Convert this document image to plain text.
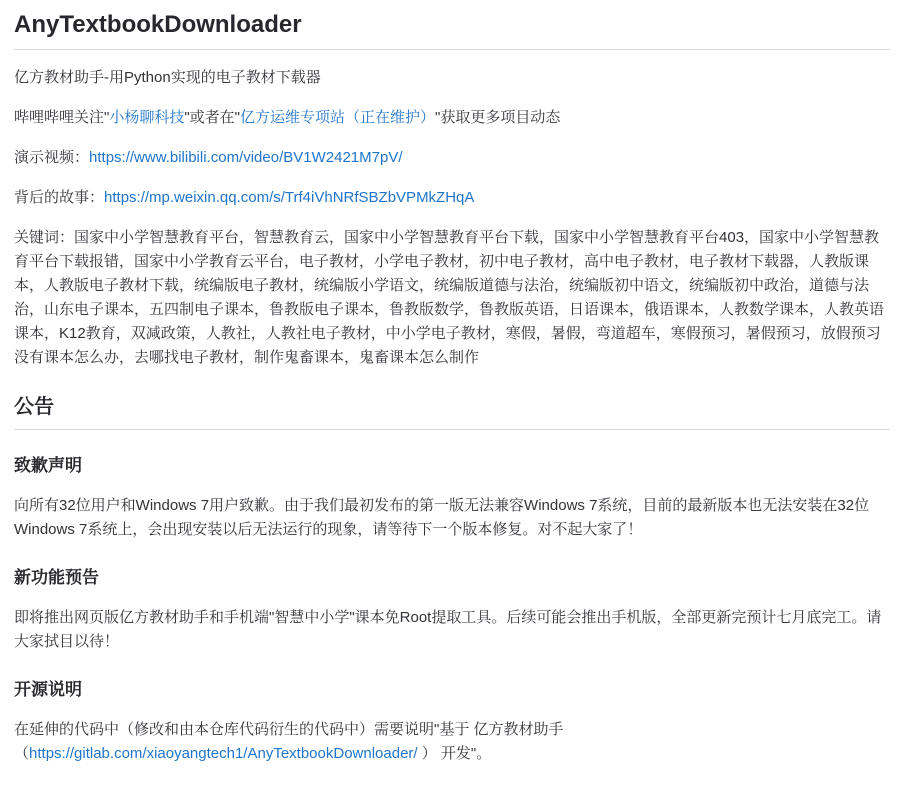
AnyTextbookDownloader

亿方教材助手-用Python实现的电子教材下载器

哔哩哔哩关注"小杨聊科技"或者在"亿方运维专项站（正在维护）"获取更多项目动态

演示视频：https://www.bilibili.com/video/BV1W2421M7pV/

背后的故事：https://mp.weixin.qq.com/s/Trf4iVhNRfSBZbVPMkZHqA

关键词：国家中小学智慧教育平台，智慧教育云，国家中小学智慧教育平台下载，国家中小学智慧教育平台403，国家中小学智慧教育平台下载报错，国家中小学教育云平台，电子教材，小学电子教材，初中电子教材，高中电子教材，电子教材下载器，人教版课本，人教版电子教材下载，统编版电子教材，统编版小学语文，统编版道德与法治，统编版初中语文，统编版初中政治，道德与法治，山东电子课本，五四制电子课本，鲁教版电子课本，鲁教版数学，鲁教版英语，日语课本，俄语课本，人教数学课本，人教英语课本，K12教育，双减政策，人教社，人教社电子教材，中小学电子教材，寒假，暑假，弯道超车，寒假预习，暑假预习，放假预习没有课本怎么办，去哪找电子教材，制作鬼畜课本，鬼畜课本怎么制作

公告
致歉声明

向所有32位用户和Windows 7用户致歉。由于我们最初发布的第一版无法兼容Windows 7系统，目前的最新版本也无法安装在32位Windows 7系统上，会出现安装以后无法运行的现象，请等待下一个版本修复。对不起大家了！

新功能预告

即将推出网页版亿方教材助手和手机端"智慧中小学"课本免Root提取工具。后续可能会推出手机版，全部更新完预计七月底完工。请大家拭目以待！

开源说明

在延伸的代码中（修改和由本仓库代码衍生的代码中）需要说明"基于 亿方教材助手（https://gitlab.com/xiaoyangtech1/AnyTextbookDownloader/ ） 开发"。
